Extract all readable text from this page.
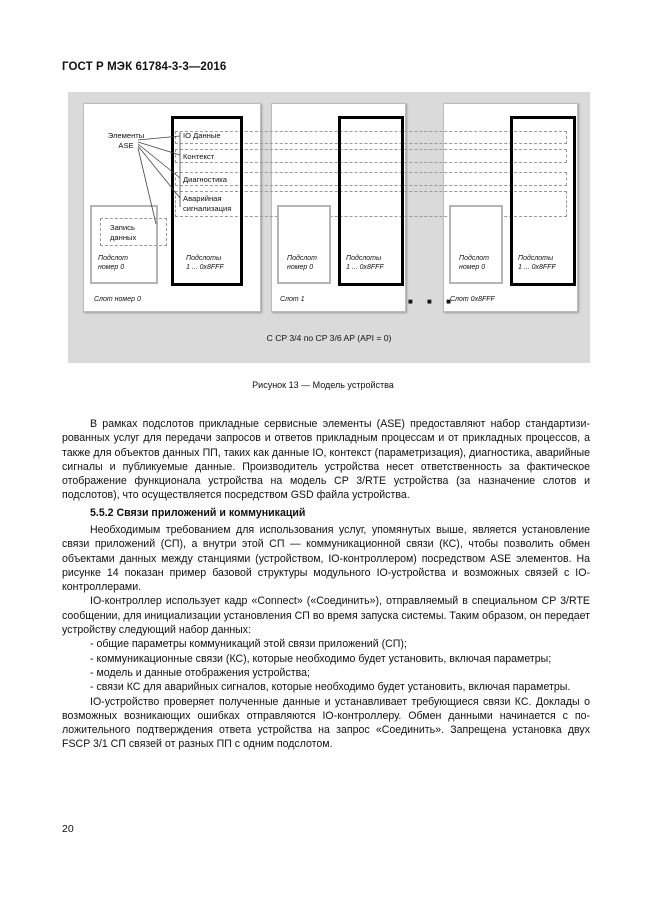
ГОСТ Р МЭК 61784-3-3—2016
Элементы
ASE
IO Данные
Контекст
Диагностика
Аварийная
сигнализация
Запись
данных
Подслот
номер 0
Подслоты
1 ... 0x8FFF
Подслот
номер 0
Подслоты
1 ... 0x8FFF
Подслот
номер 0
Подслоты
1 ... 0x8FFF
Слот номер 0	Слот 1	Слот 0x8FFF
C CP 3/4 по CP 3/6 AP (API = 0)
■ ■ ■
Рисунок 13 — Модель устройства

В рамках подслотов прикладные сервисные элементы (ASE) предоставляют набор стандартизированных услуг для передачи запросов и ответов прикладным процессам и от прикладных процессов, а также для объектов данных ПП, таких как данные IO, контекст (параметризация), диагностика, аварийные сигналы и публикуемые данные. Производитель устройства несет ответственность за фактическое отображение функционала устройства на модель CP 3/RTE устройства (за назначение слотов и подслотов), что осуществляется посредством GSD файла устройства.

5.5.2 Связи приложений и коммуникаций

Необходимым требованием для использования услуг, упомянутых выше, является установление связи приложений (СП), а внутри этой СП — коммуникационной связи (КС), чтобы позволить обмен объектами данных между станциями (устройством, IO-контроллером) посредством ASE элементов. На рисунке 14 показан пример базовой структуры модульного IO-устройства и возможных связей с IO-контроллерами.

IO-контроллер использует кадр «Connect» («Соединить»), отправляемый в специальном CP 3/RTE сообщении, для инициализации установления СП во время запуска системы. Таким образом, он передает устройству следующий набор данных:

- общие параметры коммуникаций этой связи приложений (СП);
- коммуникационные связи (КС), которые необходимо будет установить, включая параметры;
- модель и данные отображения устройства;
- связи КС для аварийных сигналов, которые необходимо будет установить, включая параметры.

IO-устройство проверяет полученные данные и устанавливает требующиеся связи КС. Доклады о возможных возникающих ошибках отправляются IO-контроллеру. Обмен данными начинается с положительного подтверждения ответа устройства на запрос «Соединить». Запрещена установка двух FSCP 3/1 СП связей от разных ПП с одним подслотом.

20
